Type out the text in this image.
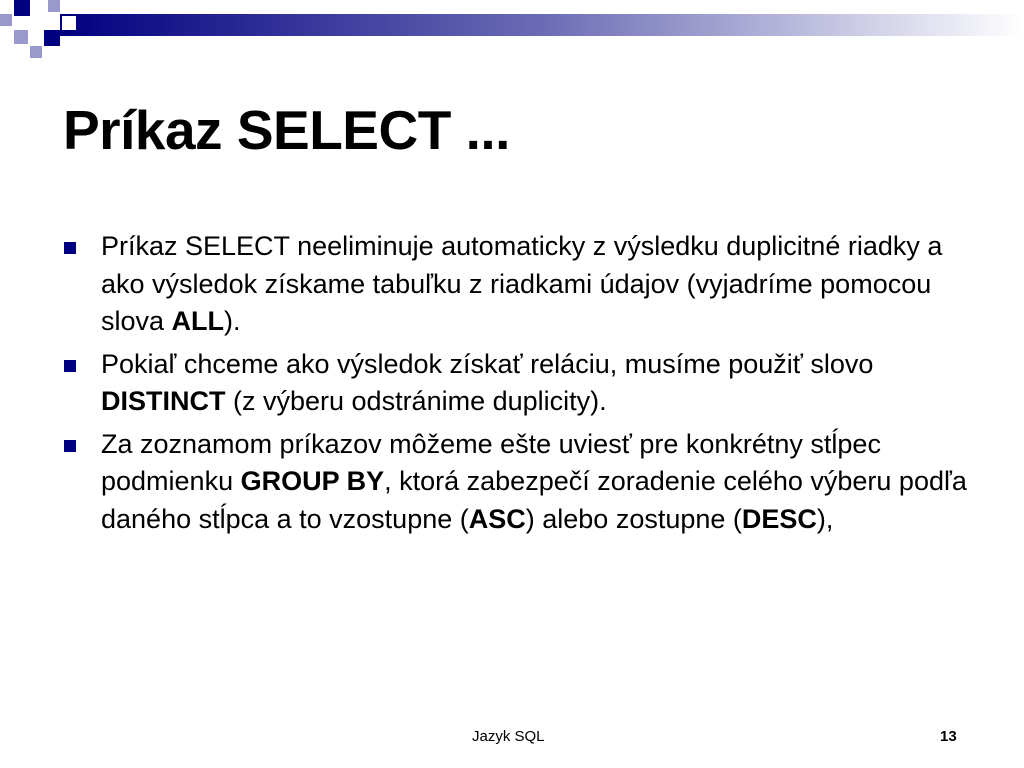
Príkaz SELECT ...
Príkaz SELECT neeliminuje automaticky z výsledku duplicitné riadky a ako výsledok získame tabuľku z riadkami údajov (vyjadríme pomocou slova ALL).
Pokiaľ chceme ako výsledok získať reláciu, musíme použiť slovo DISTINCT (z výberu odstránime duplicity).
Za zoznamom príkazov môžeme ešte uviesť pre konkrétny stĺpec podmienku GROUP BY, ktorá zabezpečí zoradenie celého výberu podľa daného stĺpca a to vzostupne (ASC) alebo zostupne (DESC),
Jazyk SQL	13
